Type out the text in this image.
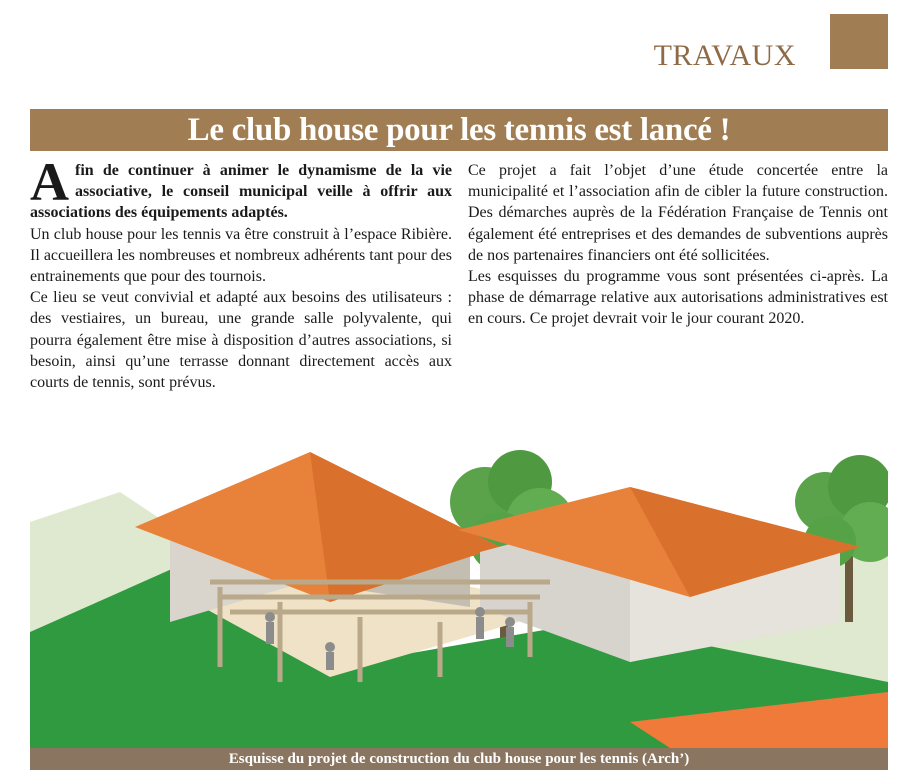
TRAVAUX
Le club house pour les tennis est lancé !

Afin de continuer à animer le dynamisme de la vie associative, le conseil municipal veille à offrir aux associations des équipements adaptés.

Un club house pour les tennis va être construit à l’espace Ribière. Il accueillera les nombreuses et nombreux adhérents tant pour des entrainements que pour des tournois.

Ce lieu se veut convivial et adapté aux besoins des utilisateurs : des vestiaires, un bureau, une grande salle polyvalente, qui pourra également être mise à disposition d’autres associations, si besoin, ainsi qu’une terrasse donnant directement accès aux courts de tennis, sont prévus.

Ce projet a fait l’objet d’une étude concertée entre la municipalité et l’association afin de cibler la future construction. Des démarches auprès de la Fédération Française de Tennis ont également été entreprises et des demandes de subventions auprès de nos partenaires financiers ont été sollicitées.

Les esquisses du programme vous sont présentées ci-après. La phase de démarrage relative aux autorisations administratives est en cours. Ce projet devrait voir le jour courant 2020.

Esquisse du projet de construction du club house pour les tennis (Arch’)
